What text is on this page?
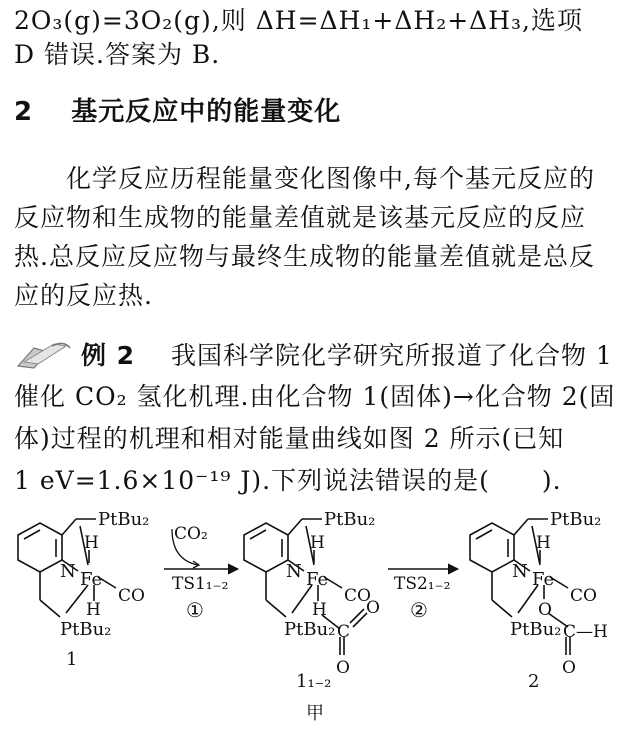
2O₃(g)=3O₂(g),则 ΔH=ΔH₁+ΔH₂+ΔH₃,选项
D 错误.答案为 B.
2 基元反应中的能量变化
化学反应历程能量变化图像中,每个基元反应的
反应物和生成物的能量差值就是该基元反应的反应
热.总反应反应物与最终生成物的能量差值就是总反
应的反应热.
例 2 我国科学院化学研究所报道了化合物 1
催化 CO₂ 氢化机理.由化合物 1(固体)→化合物 2(固
体)过程的机理和相对能量曲线如图 2 所示(已知
1 eV=1.6×10⁻¹⁹ J).下列说法错误的是(　　).
PtBu₂
PtBu₂
N Fe
H
H
CO
1
CO₂
TS1₁₋₂
①
PtBu₂
PtBu₂
N Fe
H
H
CO
C
O
O
1₁₋₂
TS2₁₋₂
②
PtBu₂
PtBu₂
N Fe
H
O
CO
C —H
O
2
甲
